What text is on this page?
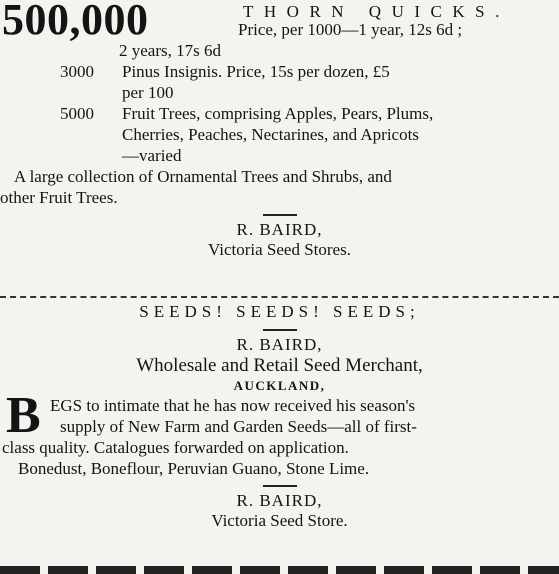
500,000	THORN QUICKS.
Price, per 1000—1 year, 12s 6d ;
2 years, 17s 6d
3000 Pinus Insignis. Price, 15s per dozen, £5
per 100
5000 Fruit Trees, comprising Apples, Pears, Plums,
Cherries, Peaches, Nectarines, and Apricots
—varied
A large collection of Ornamental Trees and Shrubs, and
other Fruit Trees.
R. BAIRD,
Victoria Seed Stores.
SEEDS! SEEDS! SEEDS;
R. BAIRD,
Wholesale and Retail Seed Merchant,
AUCKLAND,
B EGS to intimate that he has now received his season's
supply of New Farm and Garden Seeds—all of first-
class quality. Catalogues forwarded on application.
Bonedust, Boneflour, Peruvian Guano, Stone Lime.
R. BAIRD,
Victoria Seed Store.
